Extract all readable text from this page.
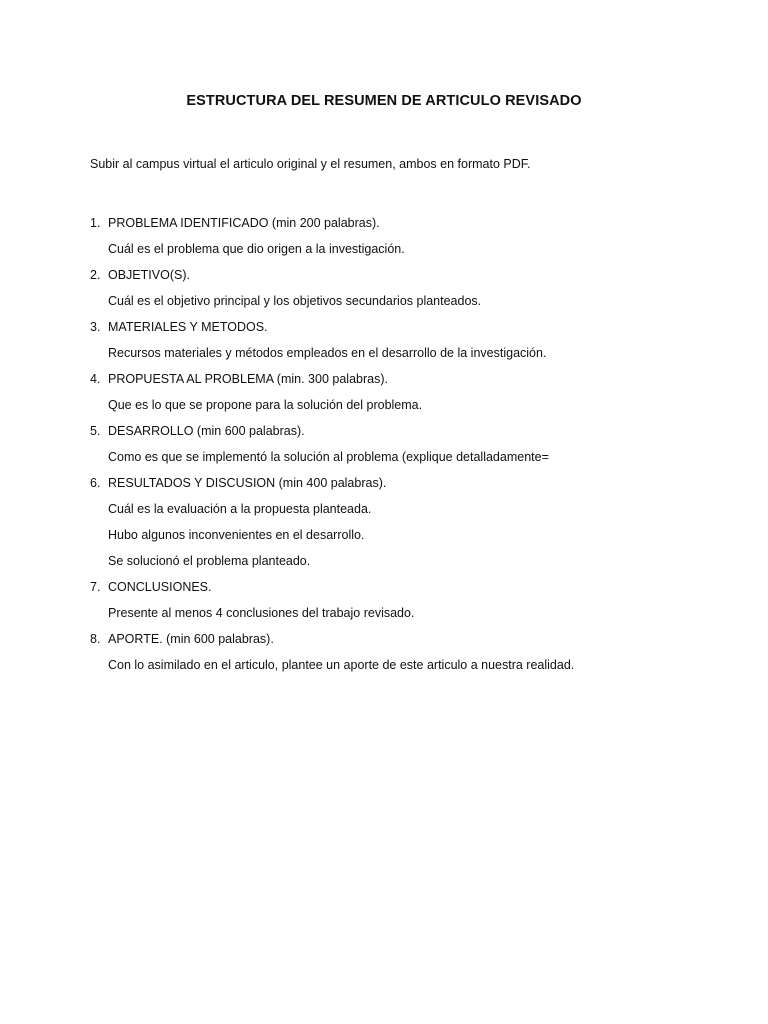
ESTRUCTURA DEL RESUMEN DE ARTICULO REVISADO
Subir al campus virtual el articulo original y el resumen, ambos en formato PDF.
1. PROBLEMA IDENTIFICADO (min 200 palabras).
Cuál es el problema que dio origen a la investigación.
2. OBJETIVO(S).
Cuál es el objetivo principal y los objetivos secundarios planteados.
3. MATERIALES Y METODOS.
Recursos materiales y métodos empleados en el desarrollo de la investigación.
4. PROPUESTA AL PROBLEMA (min. 300 palabras).
Que es lo que se propone para la solución del problema.
5. DESARROLLO (min 600 palabras).
Como es que se implementó la solución al problema (explique detalladamente=
6. RESULTADOS Y DISCUSION (min 400 palabras).
Cuál es la evaluación a la propuesta planteada.
Hubo algunos inconvenientes en el desarrollo.
Se solucionó el problema planteado.
7. CONCLUSIONES.
Presente al menos 4 conclusiones del trabajo revisado.
8. APORTE. (min 600 palabras).
Con lo asimilado en el articulo, plantee un aporte de este articulo a nuestra realidad.
